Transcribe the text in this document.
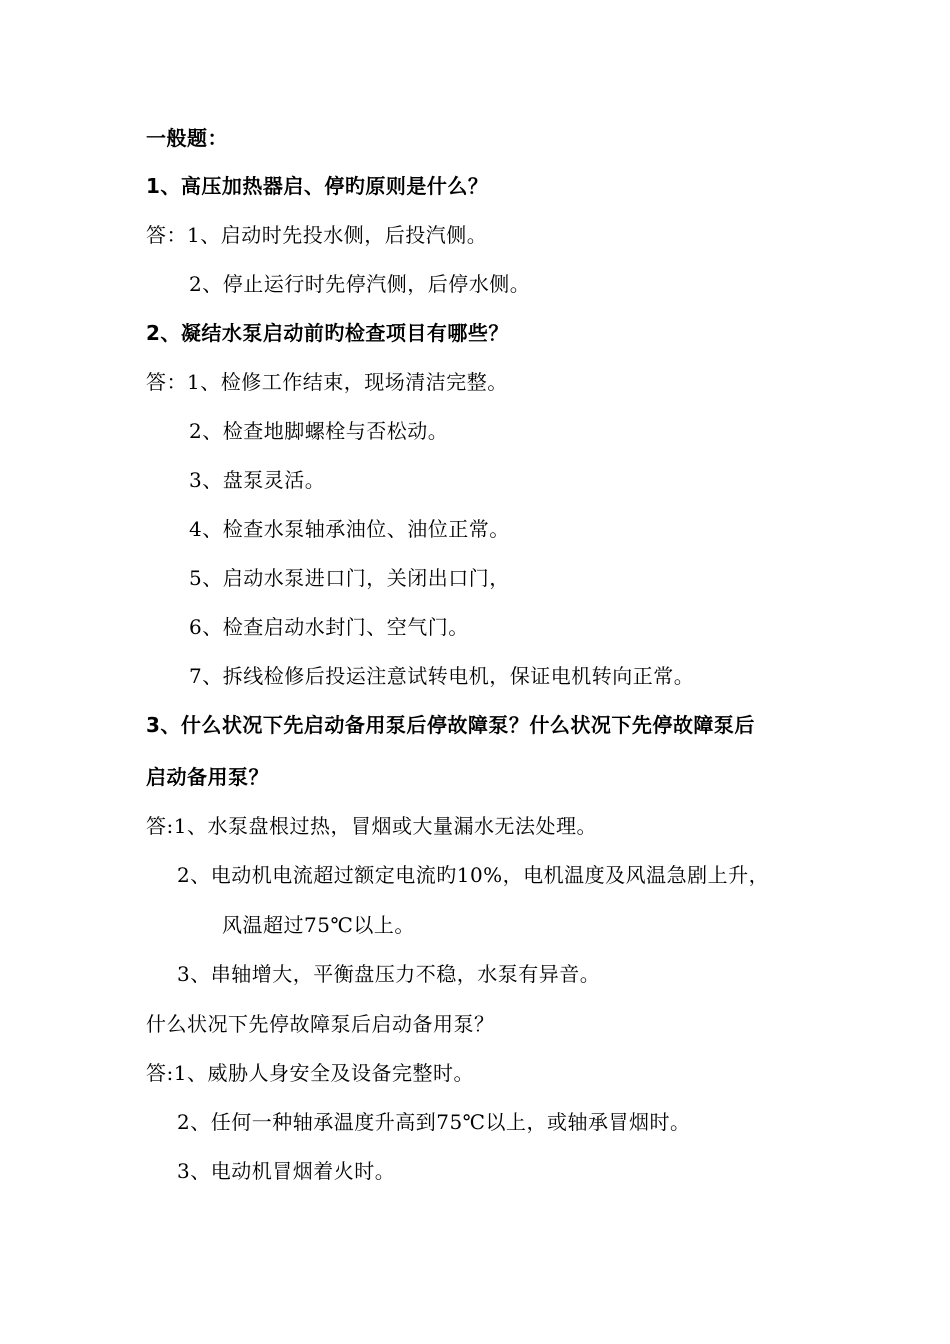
一般题：
1、高压加热器启、停旳原则是什么？
答：1、启动时先投水侧，后投汽侧。
2、停止运行时先停汽侧，后停水侧。
2、凝结水泵启动前旳检查项目有哪些？
答：1、检修工作结束，现场清洁完整。
2、检查地脚螺栓与否松动。
3、盘泵灵活。
4、检查水泵轴承油位、油位正常。
5、启动水泵进口门，关闭出口门，
6、检查启动水封门、空气门。
7、拆线检修后投运注意试转电机，保证电机转向正常。
3、什么状况下先启动备用泵后停故障泵？什么状况下先停故障泵后
启动备用泵？
答:1、水泵盘根过热，冒烟或大量漏水无法处理。
2、电动机电流超过额定电流旳10%，电机温度及风温急剧上升，
风温超过75℃以上。
3、串轴增大，平衡盘压力不稳，水泵有异音。
什么状况下先停故障泵后启动备用泵？
答:1、威胁人身安全及设备完整时。
2、任何一种轴承温度升高到75℃以上，或轴承冒烟时。
3、电动机冒烟着火时。
